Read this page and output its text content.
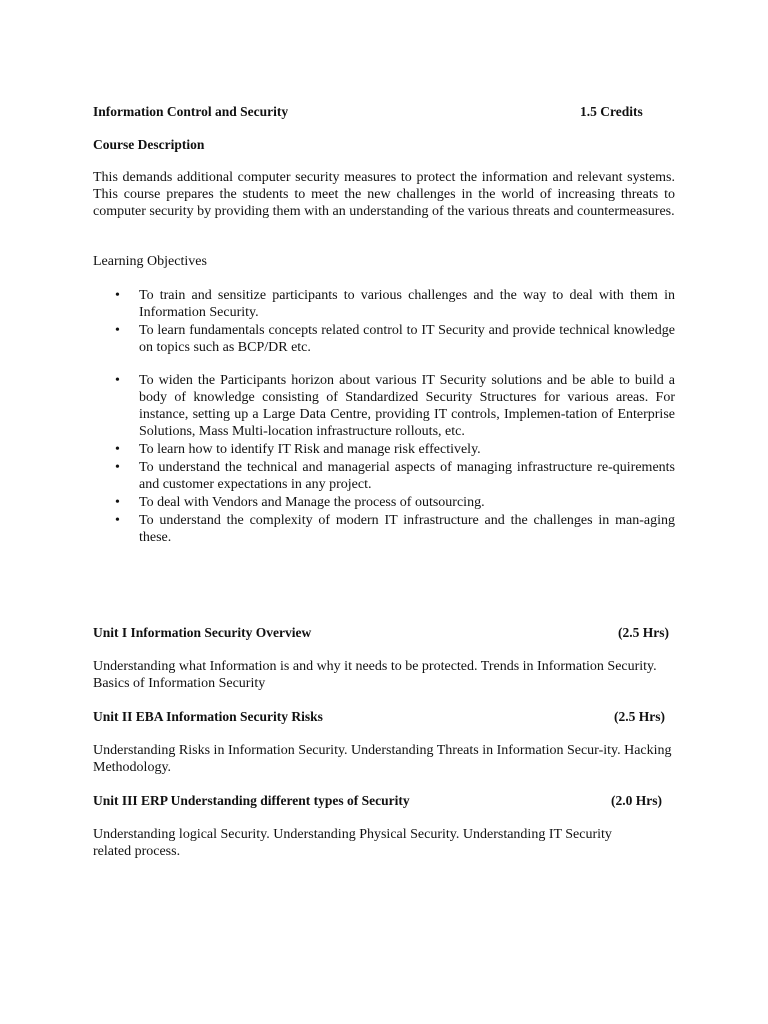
Information Control and Security	1.5 Credits
Course Description
This demands additional computer security measures to protect the information and relevant systems. This course prepares the students to meet the new challenges in the world of increasing threats to computer security by providing them with an understanding of the various threats and countermeasures.
Learning Objectives
• To train and sensitize participants to various challenges and the way to deal with them in Information Security.
• To learn fundamentals concepts related control to IT Security and provide technical knowledge on topics such as BCP/DR etc.
• To widen the Participants horizon about various IT Security solutions and be able to build a body of knowledge consisting of Standardized Security Structures for various areas. For instance, setting up a Large Data Centre, providing IT controls, Implemen-tation of Enterprise Solutions, Mass Multi-location infrastructure rollouts, etc.
• To learn how to identify IT Risk and manage risk effectively.
• To understand the technical and managerial aspects of managing infrastructure re-quirements and customer expectations in any project.
• To deal with Vendors and Manage the process of outsourcing.
• To understand the complexity of modern IT infrastructure and the challenges in man-aging these.
Unit I Information Security Overview	(2.5 Hrs)
Understanding what Information is and why it needs to be protected. Trends in Information Security. Basics of Information Security
Unit II EBA Information Security Risks	(2.5 Hrs)
Understanding Risks in Information Security. Understanding Threats in Information Secur-ity. Hacking Methodology.
Unit III ERP Understanding different types of Security	(2.0 Hrs)
Understanding logical Security. Understanding Physical Security. Understanding IT Security related process.
